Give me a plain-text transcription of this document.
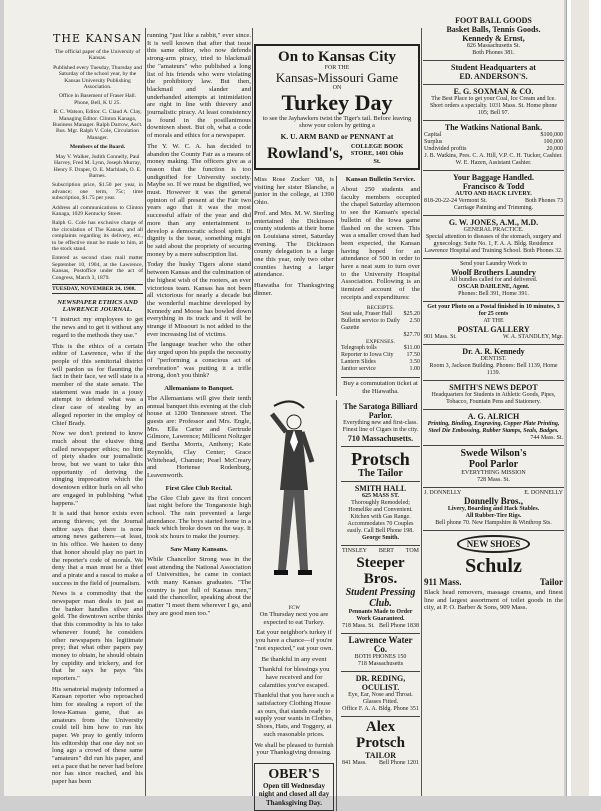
THE KANSAN

The official paper of the University of Kansas.

Published every Tuesday, Thursday and Saturday of the school year, by the Kansas University Publishing Association.

Office in Basement of Fraser Hall. Phone, Bell, K U 25.

B. C. Watson, Editor. C. Claud A. Clay, Managing Editor. Clinton Kanaga, Business Manager. Ralph Darrow, Ass't. Bus. Mgr. Ralph V. Cole, Circulation Manager.

Members of the Board.

May V. Walker, Judith Connelly, Paul Harvey, Fred M. Lynn, Joseph Murray, Henry F. Draper, O. E. Marblash, O. E. Barnes.

Subscription price, $1.50 per year, in advance; one term, 75c; time subscription, $1.75 per year.

Address all communications to Clinton Kanaga, 1029 Kentucky Street.

Ralph G. Cole has exclusive charge of the circulation of The Kansan, and all complaints regarding its delivery, etc., to be effective must be made to him, at the stock stand.

Entered as second class mail matter September 10, 1904, at the Lawrence, Kansas, Postoffice under the act of Congress, March 3, 1879.

TUESDAY, NOVEMBER 24, 1908.

NEWSPAPER ETHICS AND LAWRENCE JOURNAL.

"I instruct my employees to get the news and to get it without any regard to the methods they use."

This is the ethics of a certain editor of Lawrence, who if the people of this semitorial district will pardon us for flaunting the fact in their face, we will state is a member of the state senate. The statement was made in a jousy attempt to defend what was a clear case of stealing by an alleged reporter in the employ of Chief Brady.

Now we don't pretend to know much about the elusive thing called newspaper ethics; no hint of piety shades our journalistic brow, but we want to take this opportunity of deriving the stinging imprecation which the downtown editor hurls on all who are engaged in publishing "what happens."

It is said that honor exists even among thieves; yet the Journal editor says that there is none among news gatherers—at least, in his office. We hasten to deny that honor should play no part in the reporter's code of morals. We deny that a man must be a thief and a pirate and a rascal to make a success in the field of journalism.

News is a commodity that the newspaper man deals in just as the banker handles silver and gold. The downtown scribe thinks that this commodity is his to take whenever found; he considers other newspapers his legitimate prey; that what other papers pay money to obtain, he should obtain by cupidity and trickery, and for that he says he pays "his reporters."

His senatorial majesty informed a Kansan reporter who reproached him for stealing a report of the Iowa-Kansas game, that as amateurs from the University could tell him how to run his paper. We pray to gently inform his editorship that one day not so long ago a crowd of these same "amateurs" did run his paper, and set a pace that he never had before nor has since reached, and his paper has been

running "just like a rabbit," ever since. It is well known that after that issue this same editor, who now defends strong-arm piracy, tried to blackmail the "amateurs" who published a long list of his friends who were violating the prohibitory law. But then, blackmail and slander and underhanded attempts at intimidation are right in line with thievery and journalistic piracy. At least consistency is found in the posillanimous downtown sheet. But oh, what a code of morals and ethics for a newspaper.

The Y. W. C. A. has decided to abandon the County Fair as a means of money making. The officers give as a reason that the function is too undignified for University society. Maybe so. If we must be dignified, we must. However it was the general opinion of all present at the Fair two years ago that it was the most successful affair of the year and did more than any entertainment to develop a democratic school spirit. If dignity is the issue, something might be said about the propriety of securing money by a mere subscription list.

Today the husky Tigers alone stand between Kansas and the culmination of the highest wish of the rooters, an ever victorious team. Kansas has not been all victorious for nearly a decade but the wonderful machine developed by Kennedy and Moose has bowled down everything in its track and it will be strange if Missouri is not added to the ever increasing list of victims.

The language teacher who the other day urged upon his pupils the necessity of "performing a conscious act of cerebration" was putting it a trifle strong, don't you think?

Allemanians to Banquet.

The Allemanians will give their tenth annual banquet this evening at the club house at 1200 Tennessee street. The guests are: Professor and Mrs. Engle, Mrs. Ella Carter and Gertrude Gilmore, Lawrence; Millicent Noltzger and Bertha Morris, Anthony; Kate Reynolds, Clay Center; Grace Whitehead, Chanute; Pearl McCreary and Hortense Rodenburg, Leavenworth.

First Glee Club Recital.

The Glee Club gave its first concert last night before the Tonganoxie high school. The rain prevented a large attendance. The boys started home in a hack which broke down on the way. It took six hours to make the journey.

Saw Many Kansans.

While Chancellor Strong was in the east attending the National Association of Universities, he came in contact with many Kansas graduates. "The country is just full of Kansas men," said the chancellor, speaking about the matter "I meet them wherever I go, and they are good men too."

On to Kansas City
FOR THE
Kansas-Missouri Game
ON
Turkey Day
to see the Jayhawkers twist the Tiger's tail. Before leaving show your colors by getting a
K. U. ARM BAND or PENNANT at
Rowland's,	COLLEGE BOOK STORE, 1401 Ohio St.

Miss Rose Zucker '08, is visiting her sister Blanche, a junior in the college, at 1390 Ohio.

Prof. and Mrs. M. W. Sterling entertained the Dickinson county students at their home on Louisiana street, Saturday evening. The Dickinson county delegation is a large one this year, only two other counties having a larger attendance.

Hiawatha for Thanksgiving dinner.

Kansan Bulletin Service.

About 250 students and faculty members occupied the chapel Saturday afternoon to see the Kansan's special bulletin of the Iowa game flashed on the screen. This was a smaller crowd than had been expected, the Kansan having hoped for an attendance of 500 in order to have a neat sum to turn over to the University Hospital Association. Following is an itemized account of the receipts and expenditures:

RECEIPTS.
Seat sale, Fraser Hall $25.20
Bulletin service to Daily Gazette
2.50
$27.70
EXPENSES.
Telegraph tolls	$11.00
Reporter to Iowa City 17.50
Lantern Slides	3.50
Janitor service	1.00
Buy a commutation ticket at the Hiawatha.
YCW

On Thursday next you are expected to eat Turkey.

Eat your neighbor's turkey if you have a chance—if you're "not expected," eat your own.

Be thankful in any event

Thankful for blessings you have received and for calamities you've escaped.

Thankful that you have such a satisfactory Clothing House as ours, that stands ready to supply your wants in Clothes, Shoes, Hats, and Toggery, at such reasonable prices.

We shall be pleased to furnish your Thanksgiving dressing.

OBER'S
Open till Wednesday night and closed all day Thanksgiving Day.
The Saratoga Billiard Parlor.
Everything new and first-class. Finest line of Cigars in the city.
710 Massachusetts.
Protsch
The Tailor
SMITH HALL
625 MASS ST.
Thoroughly Remodeled; Homelike and Convenient. Kitchen with Gas Range. Accommodates 70 Couples easily. Call Bell Phone 198.
George Smith.
TINSLEY BERT TOM
Steeper Bros.
Student Pressing
Club.
Pennants Made to Order
Work Guaranteed.
718 Mass. St. Bell Phone 1838
Lawrence Water Co.
BOTH PHONES 150
718 Massachusetts
DR. REDING, OCULIST.
Eye, Ear, Nose and Throat. Glasses Fitted.
Office F. A. A. Bldg. Phone 351
Alex Protsch
TAILOR
841 Mass. Bell Phone 1201
FOOT BALL GOODS
Basket Balls, Tennis Goods.
Kennedy & Ernst,
826 Massachusetts St.
Both Phones 381.
Student Headquarters at
ED. ANDERSON'S.
E. G. SOXMAN & CO.
The Best Place to get your Coal, Ice Cream and Ice.
Short orders a specialty. 1031 Mass. St. Home phone 105; Bell 97.
The Watkins National Bank.
Capital	$100,000
Surplus	100,000
Undivided profits	20,000
J. B. Watkins, Pres. C. A. Hill, V.P. C. H. Tucker, Cashier. W. E. Hazen, Assistant Cashier.
Your Baggage Handled.
Francisco & Todd
AUTO AND HACK LIVERY.
818-20-22-24 Vermont St.	Both Phones 73
Carriage Painting and Trimming.
G. W. JONES, A.M., M.D.
GENERAL PRACTICE.
Special attention to diseases of the stomach, surgery and gynecology. Suite No. 1, F. A. A. Bldg. Residence Lawrence Hospital and Training School. Both Phones 32.
Send your Laundry Work to
Woolf Brothers Laundry
All bundles called for and delivered.
OSCAR DAHLENE, Agent.
Phones: Bell 391, Home 391.
Get your Photo on a Postal finished in 10 minutes, 3 for 25 cents
AT THE
POSTAL GALLERY
901 Mass. St.	W. A. STANDLEY, Mgr.
Dr. A. R. Kennedy
DENTIST.
Room 3, Jackson Building. Phones: Bell 1139, Home 1139.
SMITH'S NEWS DEPOT
Headquarters for Students in Athletic Goods, Pipes, Tobacco, Fountain Pens and Stationery.
A. G. ALRICH
Printing, Binding, Engraving, Copper Plate Printing, Steel Die Embossing, Rubber Stamps, Seals, Badges.
744 Mass. St.
Swede Wilson's
Pool Parlor
EVERYTHING MISSION
728 Mass. St.
J. DONNELLY	E. DONNELLY
Donnelly Bros.,
Livery, Boarding and Hack Stables.
All Rubber-Tire Rigs.
Bell phone 70. New Hampshire & Winthrop Sts.
NEW SHOES
Schulz
911 Mass.	Tailor

Black head removers, massage creams, and finest line and largest assortment of toilet goods in the city, at P. O. Barber & Sons, 909 Mass.
